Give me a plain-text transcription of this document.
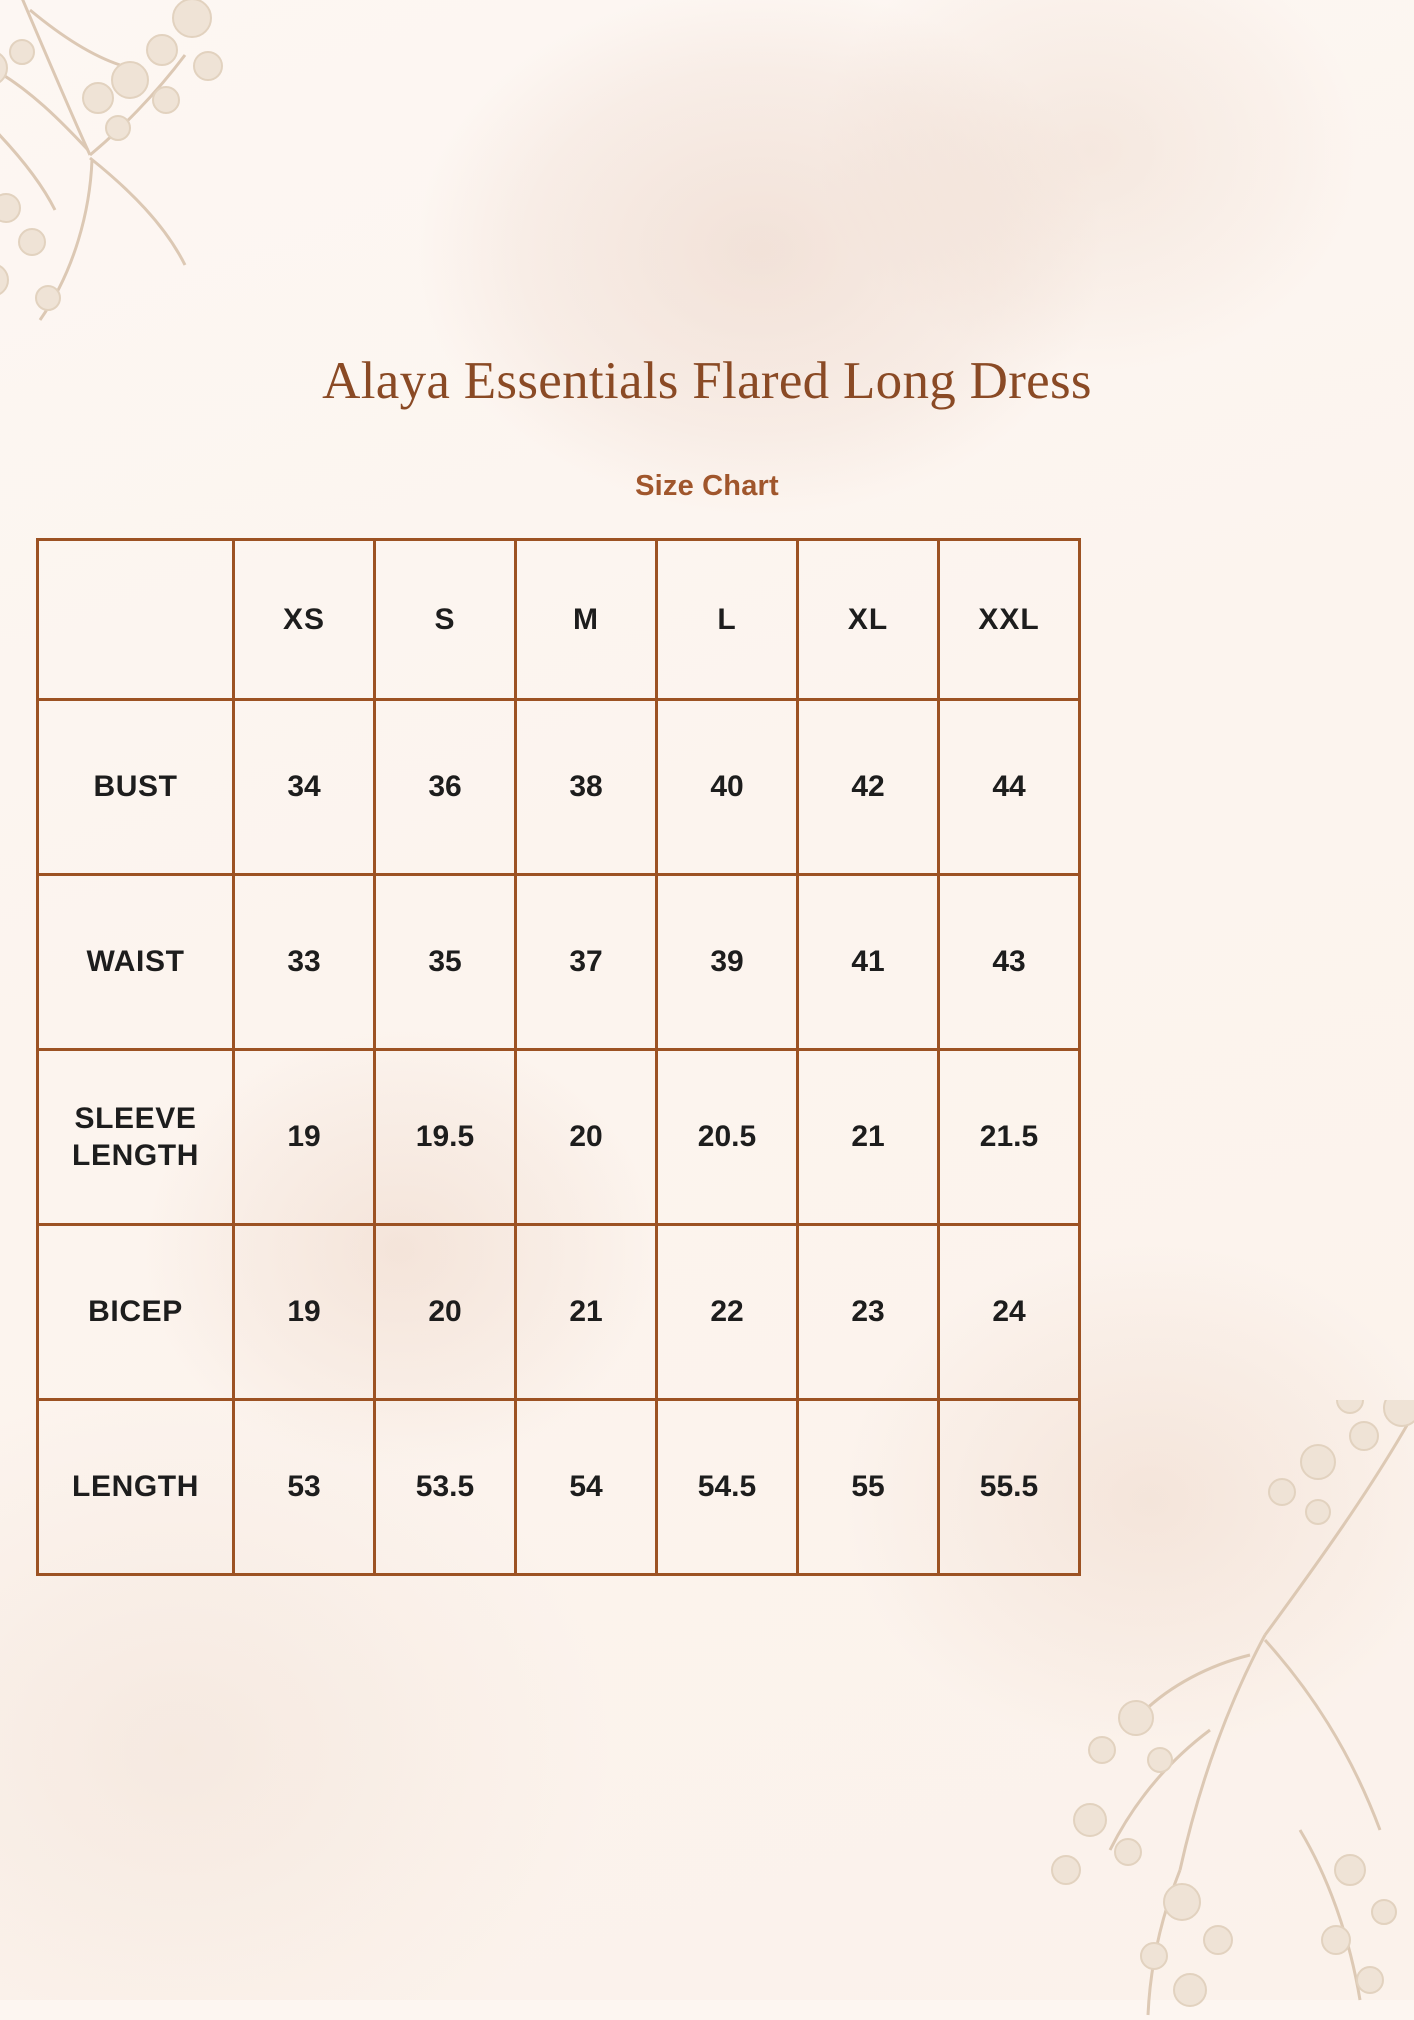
Alaya Essentials Flared Long Dress

Size Chart

	XS	S	M	L	XL	XXL
BUST	34	36	38	40	42	44
WAIST	33	35	37	39	41	43
SLEEVE LENGTH	19	19.5	20	20.5	21	21.5
BICEP	19	20	21	22	23	24
LENGTH	53	53.5	54	54.5	55	55.5
